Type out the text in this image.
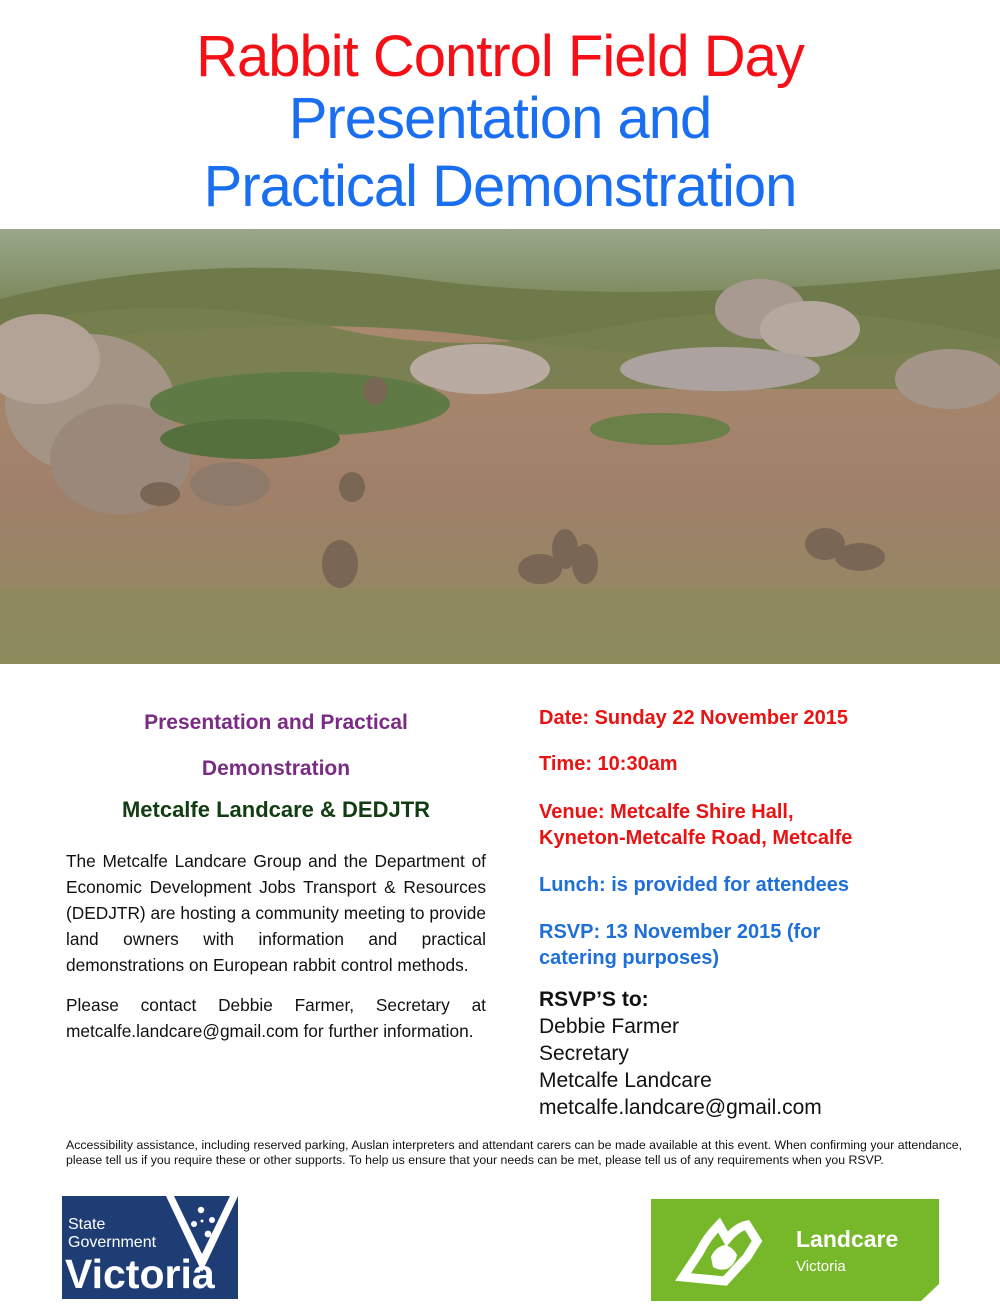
Rabbit Control Field Day
Presentation and
Practical Demonstration

Presentation and Practical

Demonstration

Metcalfe Landcare & DEDJTR

The Metcalfe Landcare Group and the Department of Economic Development Jobs Transport & Resources (DEDJTR) are hosting a community meeting to provide land owners with information and practical demonstrations on European rabbit control methods.

Please contact Debbie Farmer, Secretary at metcalfe.landcare@gmail.com for further information.

Date: Sunday 22 November 2015

Time: 10:30am

Venue: Metcalfe Shire Hall,

Kyneton-Metcalfe Road, Metcalfe

Lunch: is provided for attendees

RSVP: 13 November 2015 (for

catering purposes)

RSVP’S to:

Debbie Farmer

Secretary

Metcalfe Landcare

metcalfe.landcare@gmail.com

Accessibility assistance, including reserved parking, Auslan interpreters and attendant carers can be made available at this event. When confirming your attendance, please tell us if you require these or other supports. To help us ensure that your needs can be met, please tell us of any requirements when you RSVP.

State
Government
Victoria
Landcare
Victoria
